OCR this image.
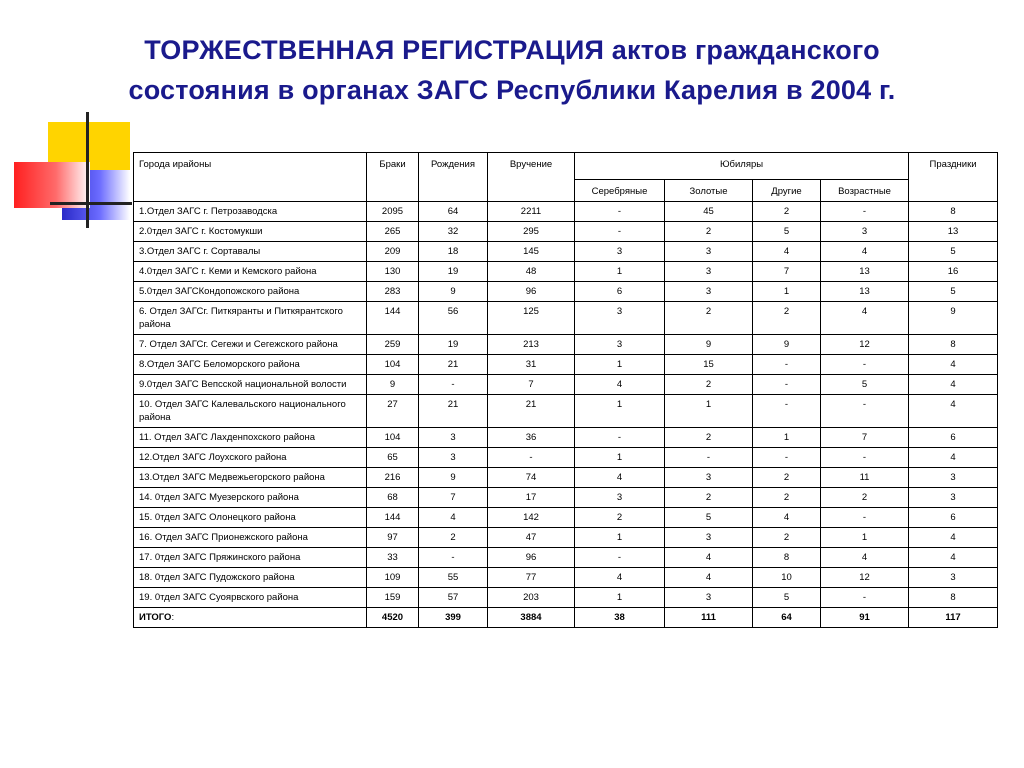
ТОРЖЕСТВЕННАЯ РЕГИСТРАЦИЯ актов гражданского
состояния в органах ЗАГС Республики Карелия в 2004 г.
Города ирайоны	Браки	Рождения	Вручение	Юбиляры				Праздники
				Серебряные	Золотые	Другие	Возрастные	
1.Отдел ЗАГС г. Петрозаводска	2095	64	2211	-	45	2	-	8
2.0тдел ЗАГС г. Костомукши	265	32	295	-	2	5	3	13
3.Отдел ЗАГС г. Сортавалы	209	18	145	3	3	4	4	5
4.0тдел ЗАГС г. Кеми и Кемского района	130	19	48	1	3	7	13	16
5.0тдел ЗАГСКондопожского района	283	9	96	6	3	1	13	5
6. Отдел ЗАГСг. Питкяранты и Питкярантского района	144	56	125	3	2	2	4	9
7. Отдел ЗАГСг. Сегежи и Сегежского района	259	19	213	3	9	9	12	8
8.Отдел ЗАГС Беломорского района	104	21	31	1	15	-	-	4
9.0тдел ЗАГС Вепсской национальной волости	9	-	7	4	2	-	5	4
10. Отдел ЗАГС Калевальского национального района	27	21	21	1	1	-	-	4
11. Отдел ЗАГС Лахденпохского района	104	3	36	-	2	1	7	6
12.Отдел ЗАГС Лоухского района	65	3	-	1	-	-	-	4
13.Отдел ЗАГС Медвежьегорского района	216	9	74	4	3	2	11	3
14. 0тдел ЗАГС Муезерского района	68	7	17	3	2	2	2	3
15. 0тдел ЗАГС Олонецкого района	144	4	142	2	5	4	-	6
16. Отдел ЗАГС Прионежского района	97	2	47	1	3	2	1	4
17. 0тдел ЗАГС Пряжинского района	33	-	96	-	4	8	4	4
18. 0тдел ЗАГС Пудожского района	109	55	77	4	4	10	12	3
19. 0тдел ЗАГС Суоярвского района	159	57	203	1	3	5	-	8
ИТОГО:	4520	399	3884	38	111	64	91	117
